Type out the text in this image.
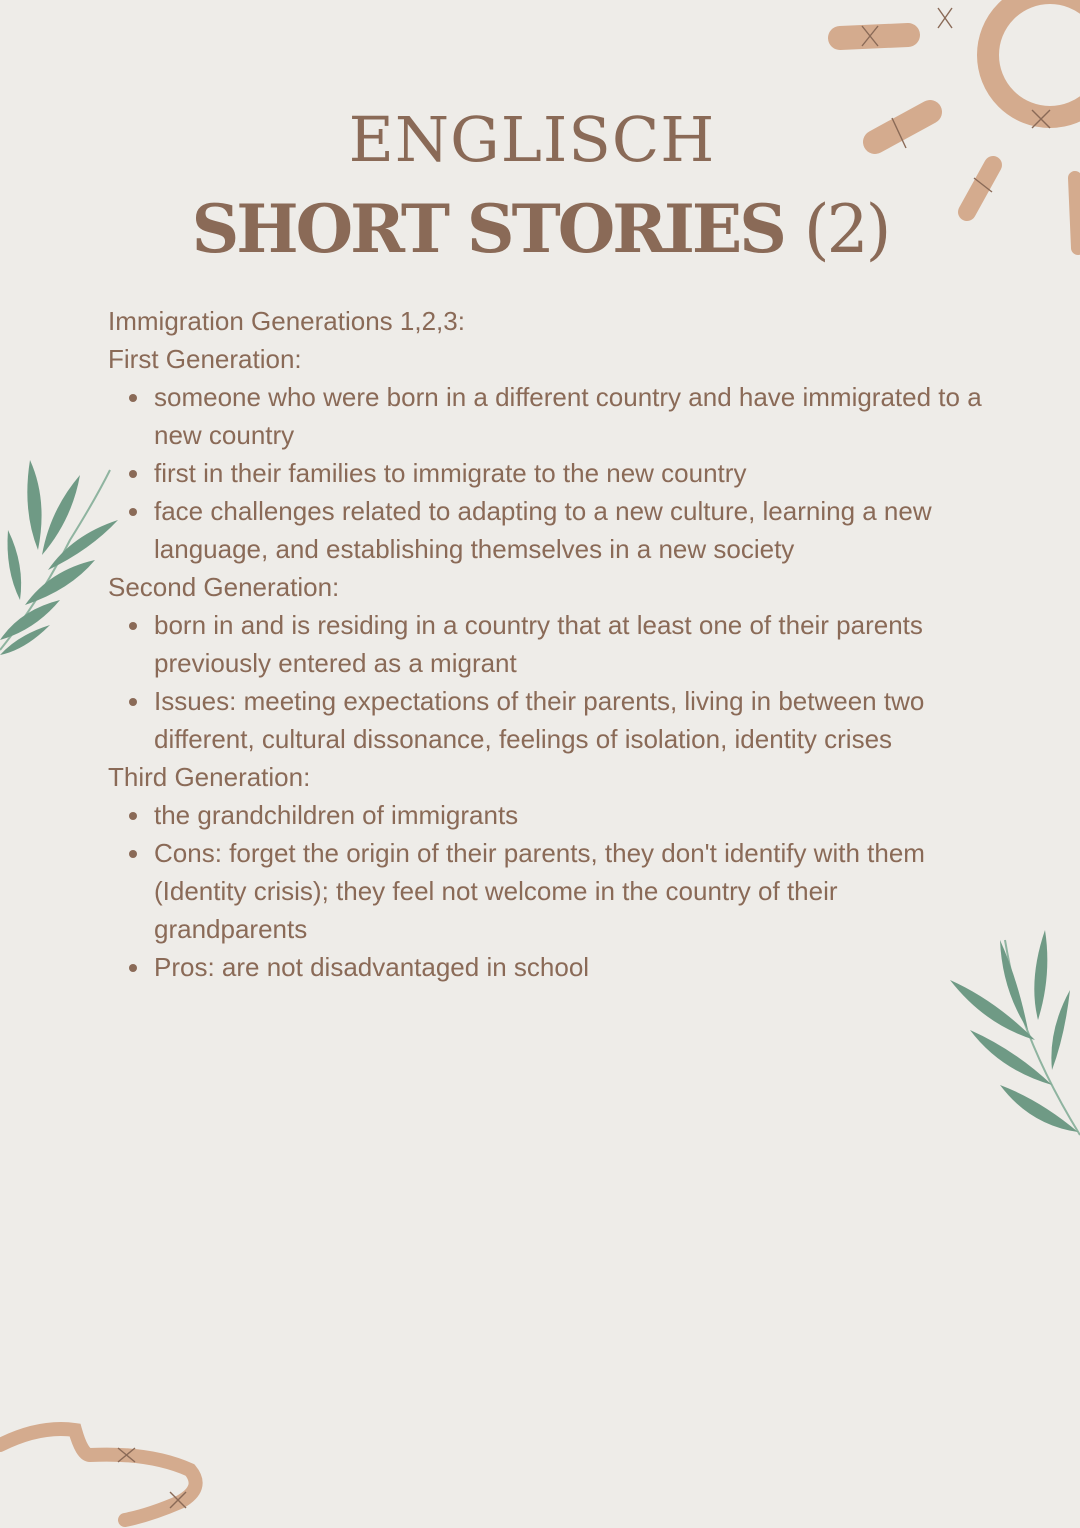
ENGLISCH
SHORT STORIES (2)

Immigration Generations 1,2,3:

First Generation:

someone who were born in a different country and have immigrated to a new country
first in their families to immigrate to the new country
face challenges related to adapting to a new culture, learning a new language, and establishing themselves in a new society

Second Generation:

born in and is residing in a country that at least one of their parents previously entered as a migrant
Issues: meeting expectations of their parents, living in between two different, cultural dissonance, feelings of isolation, identity crises

Third Generation:

the grandchildren of immigrants
Cons: forget the origin of their parents, they don't identify with them (Identity crisis); they feel not welcome in the country of their grandparents
Pros: are not disadvantaged in school
